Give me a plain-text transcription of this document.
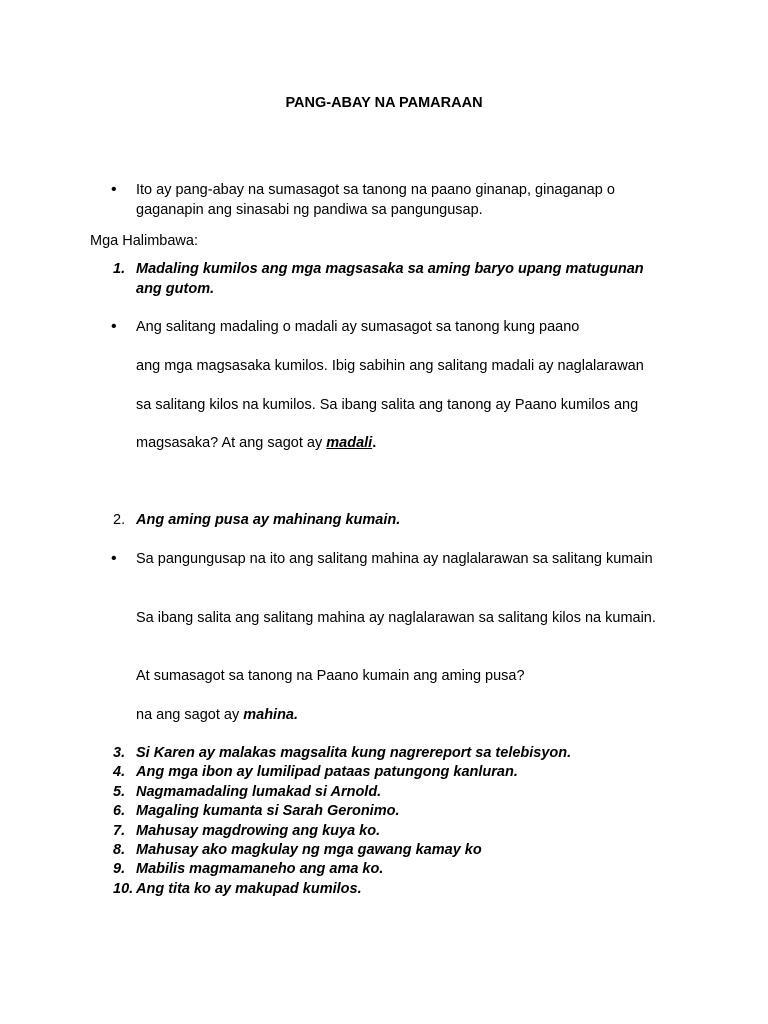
PANG-ABAY NA PAMARAAN
• Ito ay pang-abay na sumasagot sa tanong na paano ginanap, ginaganap o
gaganapin ang sinasabi ng pandiwa sa pangungusap.
Mga Halimbawa:
1. Madaling kumilos ang mga magsasaka sa aming baryo upang matugunan
ang gutom.
• Ang salitang madaling o madali ay sumasagot sa tanong kung paano
ang mga magsasaka kumilos. Ibig sabihin ang salitang madali ay naglalarawan
sa salitang kilos na kumilos. Sa ibang salita ang tanong ay Paano kumilos ang
magsasaka? At ang sagot ay madali.
2. Ang aming pusa ay mahinang kumain.
• Sa pangungusap na ito ang salitang mahina ay naglalarawan sa salitang kumain
Sa ibang salita ang salitang mahina ay naglalarawan sa salitang kilos na kumain.
At sumasagot sa tanong na Paano kumain ang aming pusa?
na ang sagot ay mahina.
3. Si Karen ay malakas magsalita kung nagrereport sa telebisyon.
4. Ang mga ibon ay lumilipad pataas patungong kanluran.
5. Nagmamadaling lumakad si Arnold.
6. Magaling kumanta si Sarah Geronimo.
7. Mahusay magdrowing ang kuya ko.
8. Mahusay ako magkulay ng mga gawang kamay ko
9. Mabilis magmamaneho ang ama ko.
10. Ang tita ko ay makupad kumilos.
